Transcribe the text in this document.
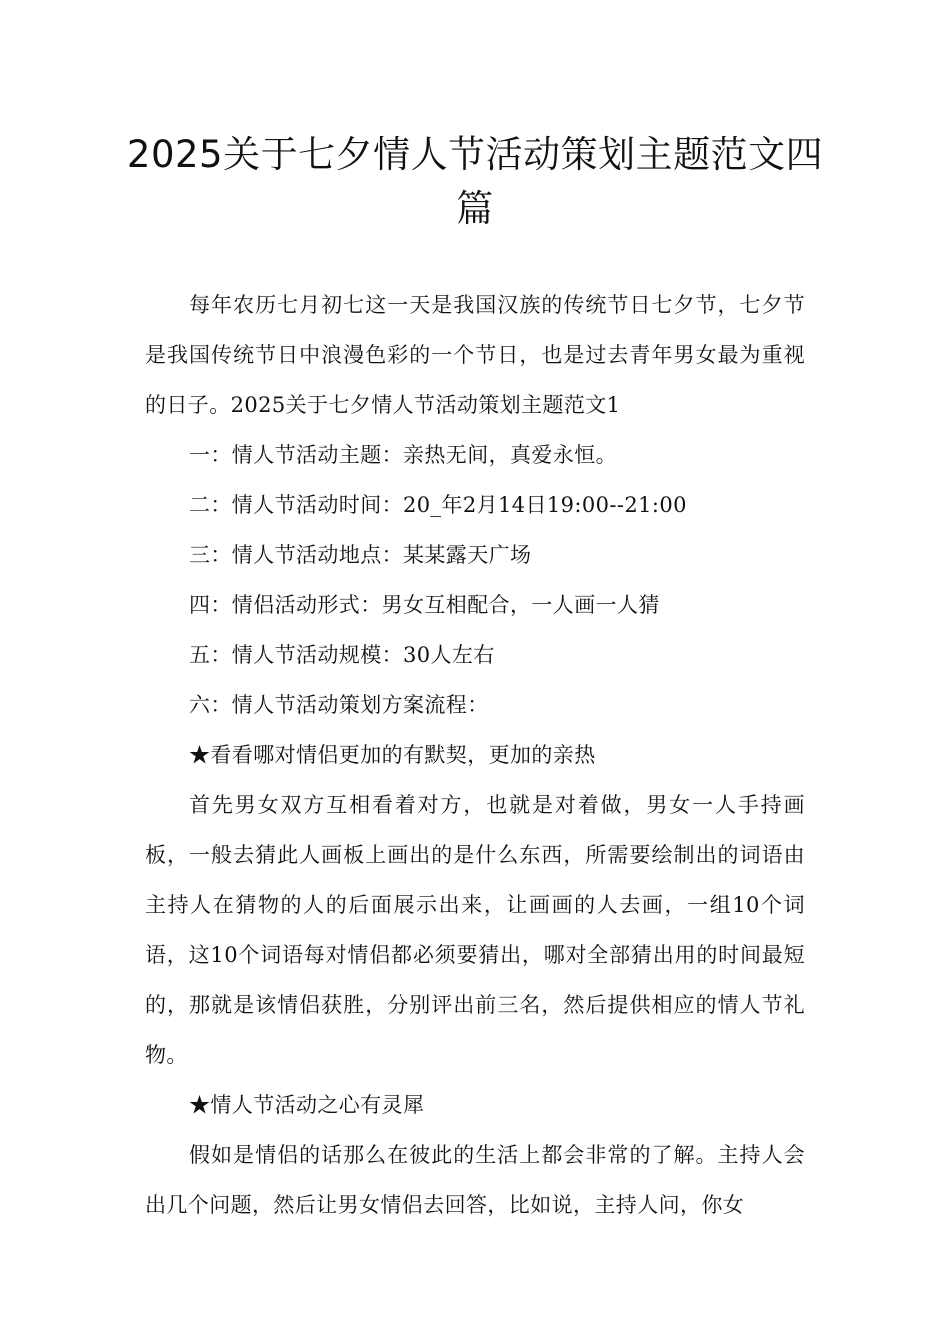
2025关于七夕情人节活动策划主题范文四篇

每年农历七月初七这一天是我国汉族的传统节日七夕节，七夕节是我国传统节日中浪漫色彩的一个节日，也是过去青年男女最为重视的日子。2025关于七夕情人节活动策划主题范文1

一：情人节活动主题：亲热无间，真爱永恒。

二：情人节活动时间：20_年2月14日19:00--21:00

三：情人节活动地点：某某露天广场

四：情侣活动形式：男女互相配合，一人画一人猜

五：情人节活动规模：30人左右

六：情人节活动策划方案流程：

★看看哪对情侣更加的有默契，更加的亲热

首先男女双方互相看着对方，也就是对着做，男女一人手持画板，一般去猜此人画板上画出的是什么东西，所需要绘制出的词语由主持人在猜物的人的后面展示出来，让画画的人去画，一组10个词语，这10个词语每对情侣都必须要猜出，哪对全部猜出用的时间最短的，那就是该情侣获胜，分别评出前三名，然后提供相应的情人节礼物。

★情人节活动之心有灵犀

假如是情侣的话那么在彼此的生活上都会非常的了解。主持人会出几个问题，然后让男女情侣去回答，比如说，主持人问，你女
